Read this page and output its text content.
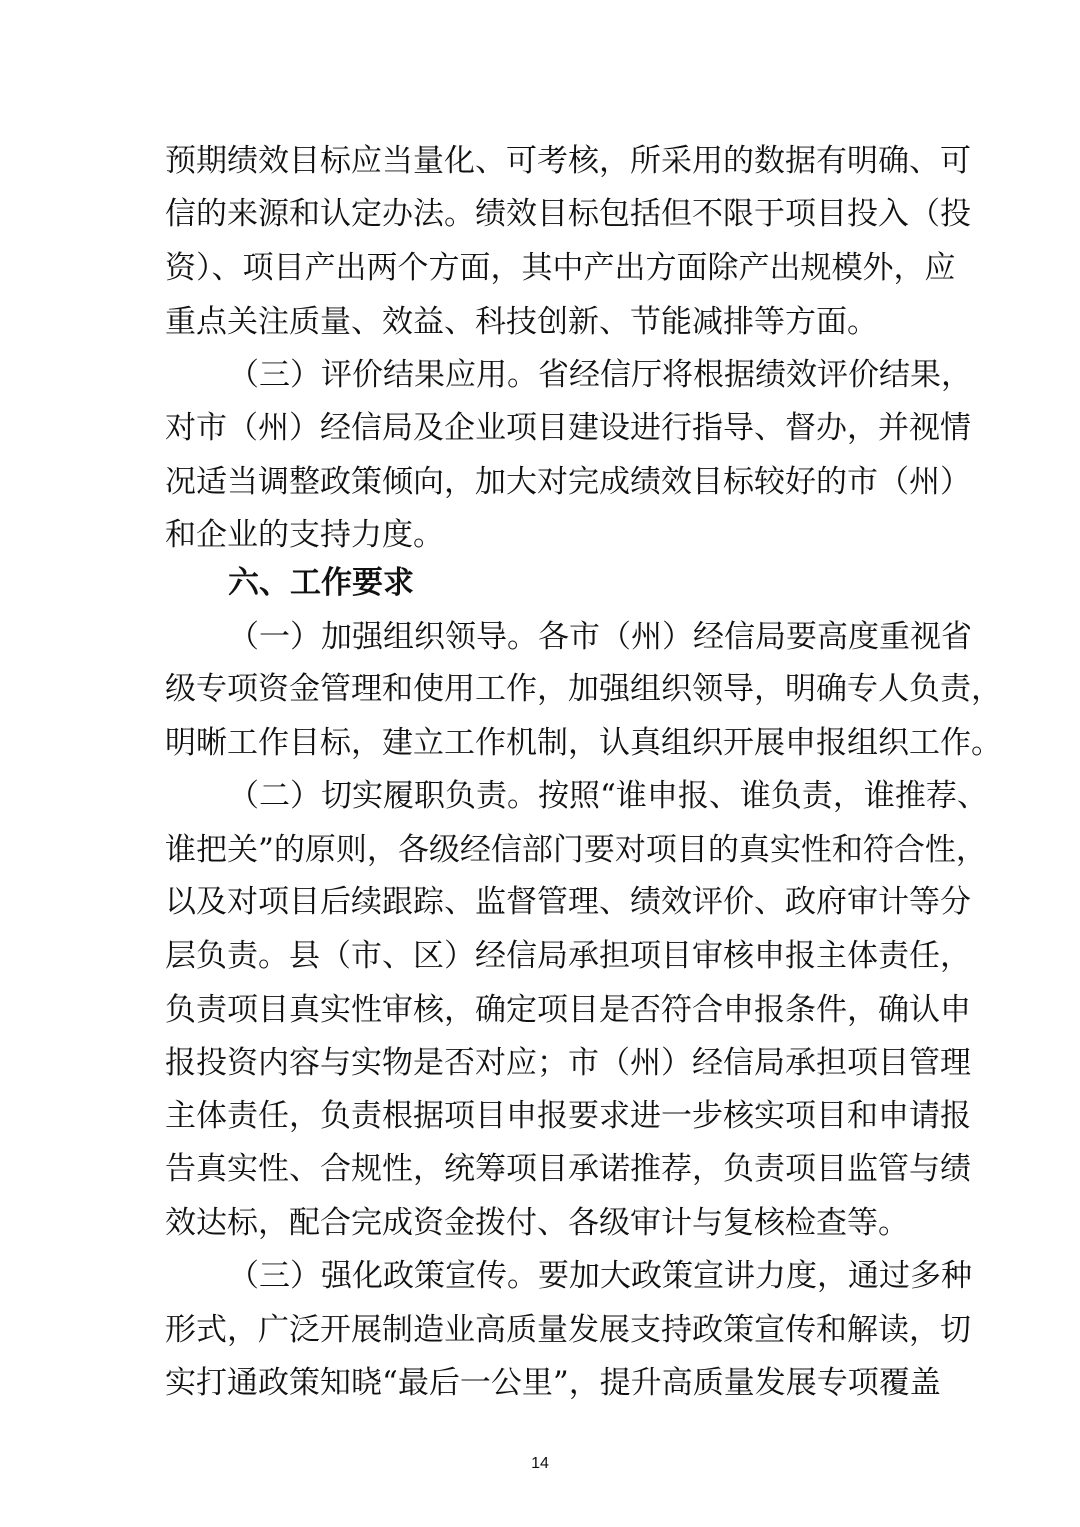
预期绩效目标应当量化、可考核，所采用的数据有明确、可
信的来源和认定办法。绩效目标包括但不限于项目投入（投
资）、项目产出两个方面，其中产出方面除产出规模外，应
重点关注质量、效益、科技创新、节能减排等方面。
（三）评价结果应用。省经信厅将根据绩效评价结果，
对市（州）经信局及企业项目建设进行指导、督办，并视情
况适当调整政策倾向，加大对完成绩效目标较好的市（州）
和企业的支持力度。
六、工作要求
（一）加强组织领导。各市（州）经信局要高度重视省
级专项资金管理和使用工作，加强组织领导，明确专人负责，
明晰工作目标，建立工作机制，认真组织开展申报组织工作。
（二）切实履职负责。按照“谁申报、谁负责，谁推荐、
谁把关”的原则，各级经信部门要对项目的真实性和符合性，
以及对项目后续跟踪、监督管理、绩效评价、政府审计等分
层负责。县（市、区）经信局承担项目审核申报主体责任，
负责项目真实性审核，确定项目是否符合申报条件，确认申
报投资内容与实物是否对应；市（州）经信局承担项目管理
主体责任，负责根据项目申报要求进一步核实项目和申请报
告真实性、合规性，统筹项目承诺推荐，负责项目监管与绩
效达标，配合完成资金拨付、各级审计与复核检查等。
（三）强化政策宣传。要加大政策宣讲力度，通过多种
形式，广泛开展制造业高质量发展支持政策宣传和解读，切
实打通政策知晓“最后一公里”，提升高质量发展专项覆盖
14
